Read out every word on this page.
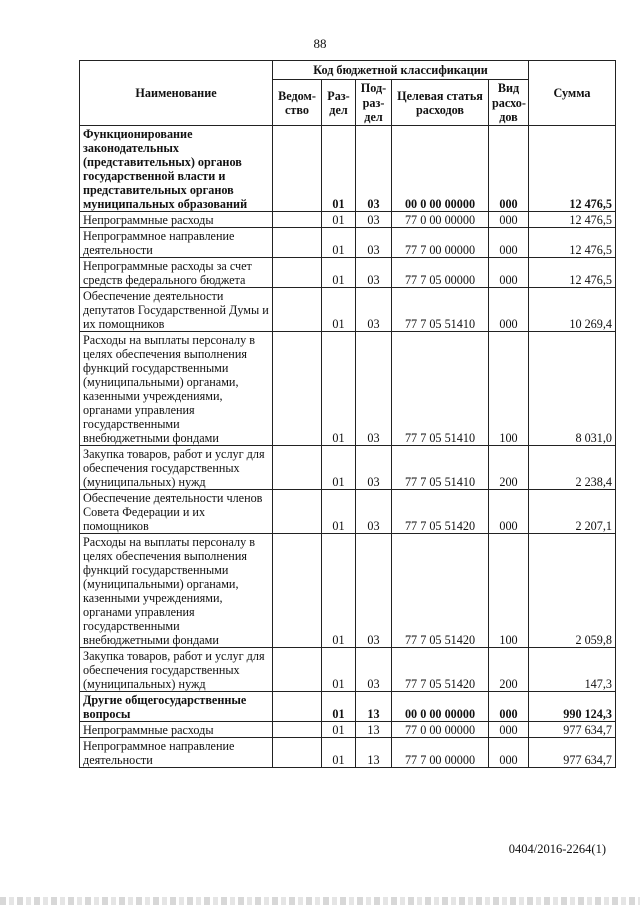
88
Наименование	Код бюджетной классификации					Сумма
	Ведом-ство	Раз-дел	Под-раз-дел	Целевая статья расходов	Вид расхо-дов	
Функционирование законодательных (представительных) органов государственной власти и представительных органов муниципальных образований		01	03	00 0 00 00000	000	12 476,5
Непрограммные расходы		01	03	77 0 00 00000	000	12 476,5
Непрограммное направление деятельности		01	03	77 7 00 00000	000	12 476,5
Непрограммные расходы за счет средств федерального бюджета		01	03	77 7 05 00000	000	12 476,5
Обеспечение деятельности депутатов Государственной Думы и их помощников		01	03	77 7 05 51410	000	10 269,4
Расходы на выплаты персоналу в целях обеспечения выполнения функций государственными (муниципальными) органами, казенными учреждениями, органами управления государственными внебюджетными фондами		01	03	77 7 05 51410	100	8 031,0
Закупка товаров, работ и услуг для обеспечения государственных (муниципальных) нужд		01	03	77 7 05 51410	200	2 238,4
Обеспечение деятельности членов Совета Федерации и их помощников		01	03	77 7 05 51420	000	2 207,1
Расходы на выплаты персоналу в целях обеспечения выполнения функций государственными (муниципальными) органами, казенными учреждениями, органами управления государственными внебюджетными фондами		01	03	77 7 05 51420	100	2 059,8
Закупка товаров, работ и услуг для обеспечения государственных (муниципальных) нужд		01	03	77 7 05 51420	200	147,3
Другие общегосударственные вопросы		01	13	00 0 00 00000	000	990 124,3
Непрограммные расходы		01	13	77 0 00 00000	000	977 634,7
Непрограммное направление деятельности		01	13	77 7 00 00000	000	977 634,7
0404/2016-2264(1)
